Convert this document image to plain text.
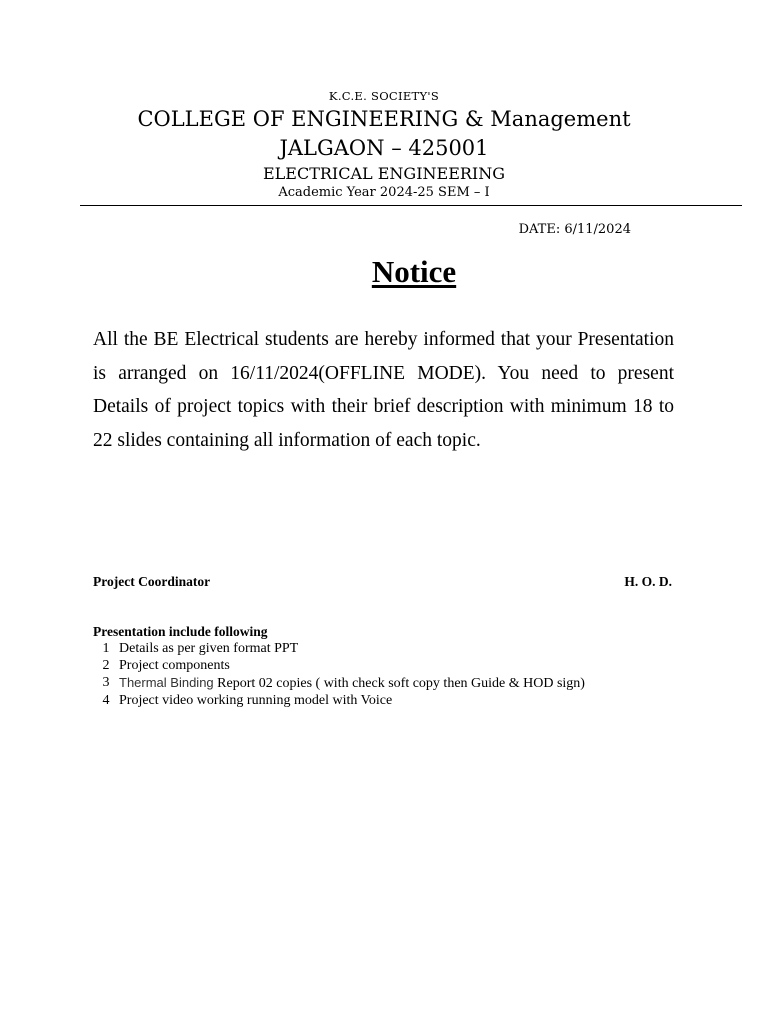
K.C.E. SOCIETY'S
COLLEGE OF ENGINEERING & Management
JALGAON – 425001
ELECTRICAL ENGINEERING
Academic Year 2024-25 SEM – I
DATE: 6/11/2024
Notice
All the BE Electrical students are hereby informed that your Presentation is arranged on 16/11/2024(OFFLINE MODE). You need to present Details of project topics with their brief description with minimum 18 to 22 slides containing all information of each topic.
Project Coordinator	H. O. D.
Presentation include following
1 Details as per given format PPT
2 Project components
3 Thermal Binding Report 02 copies ( with check soft copy then Guide & HOD sign)
4 Project video working running model with Voice
